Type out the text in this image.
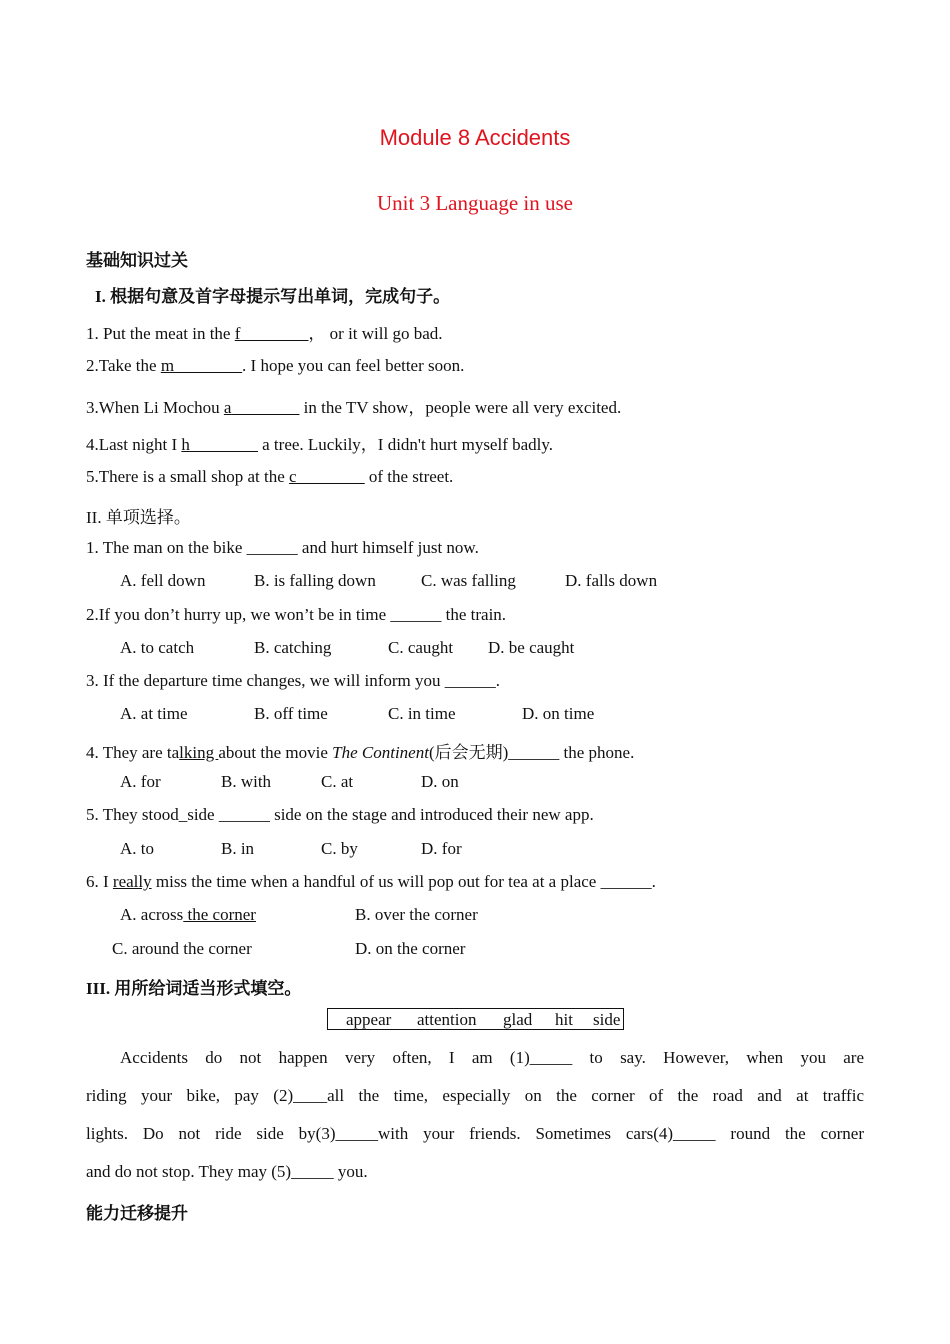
Module 8 Accidents
Unit 3 Language in use
基础知识过关
I. 根据句意及首字母提示写出单词，完成句子。
1. Put the meat in the f________， or it will go bad.
2.Take the m________. I hope you can feel better soon.
3.When Li Mochou a________ in the TV show，people were all very excited.
4.Last night I h________ a tree. Luckily，I didn't hurt myself badly.
5.There is a small shop at the c________ of the street.
II. 单项选择。
1. The man on the bike ______ and hurt himself just now.
A. fell down	B. is falling down	C. was falling	D. falls down
2.If you don’t hurry up, we won’t be in time ______ the train.
A. to catch	B. catching	C. caught D. be caught
3. If the departure time changes, we will inform you ______.
A. at time	B. off time	C. in time	D. on time
4. They are talking about the movie The Continent(后会无期)______ the phone.
A. for	B. with	C. at	D. on
5. They stood_side ______ side on the stage and introduced their new app.
A. to	B. in	C. by	D. for
6. I really miss the time when a handful of us will pop out for tea at a place ______.
A. across the corner	B. over the corner
C. around the corner	D. on the corner
III. 用所给词适当形式填空。
appear attention glad hit side
Accidents do not happen very often, I am (1)_____ to say. However, when you are
riding your bike, pay (2)____all the time, especially on the corner of the road and at traffic
lights. Do not ride side by(3)_____with your friends. Sometimes cars(4)_____ round the corner
and do not stop. They may (5)_____ you.
能力迁移提升
